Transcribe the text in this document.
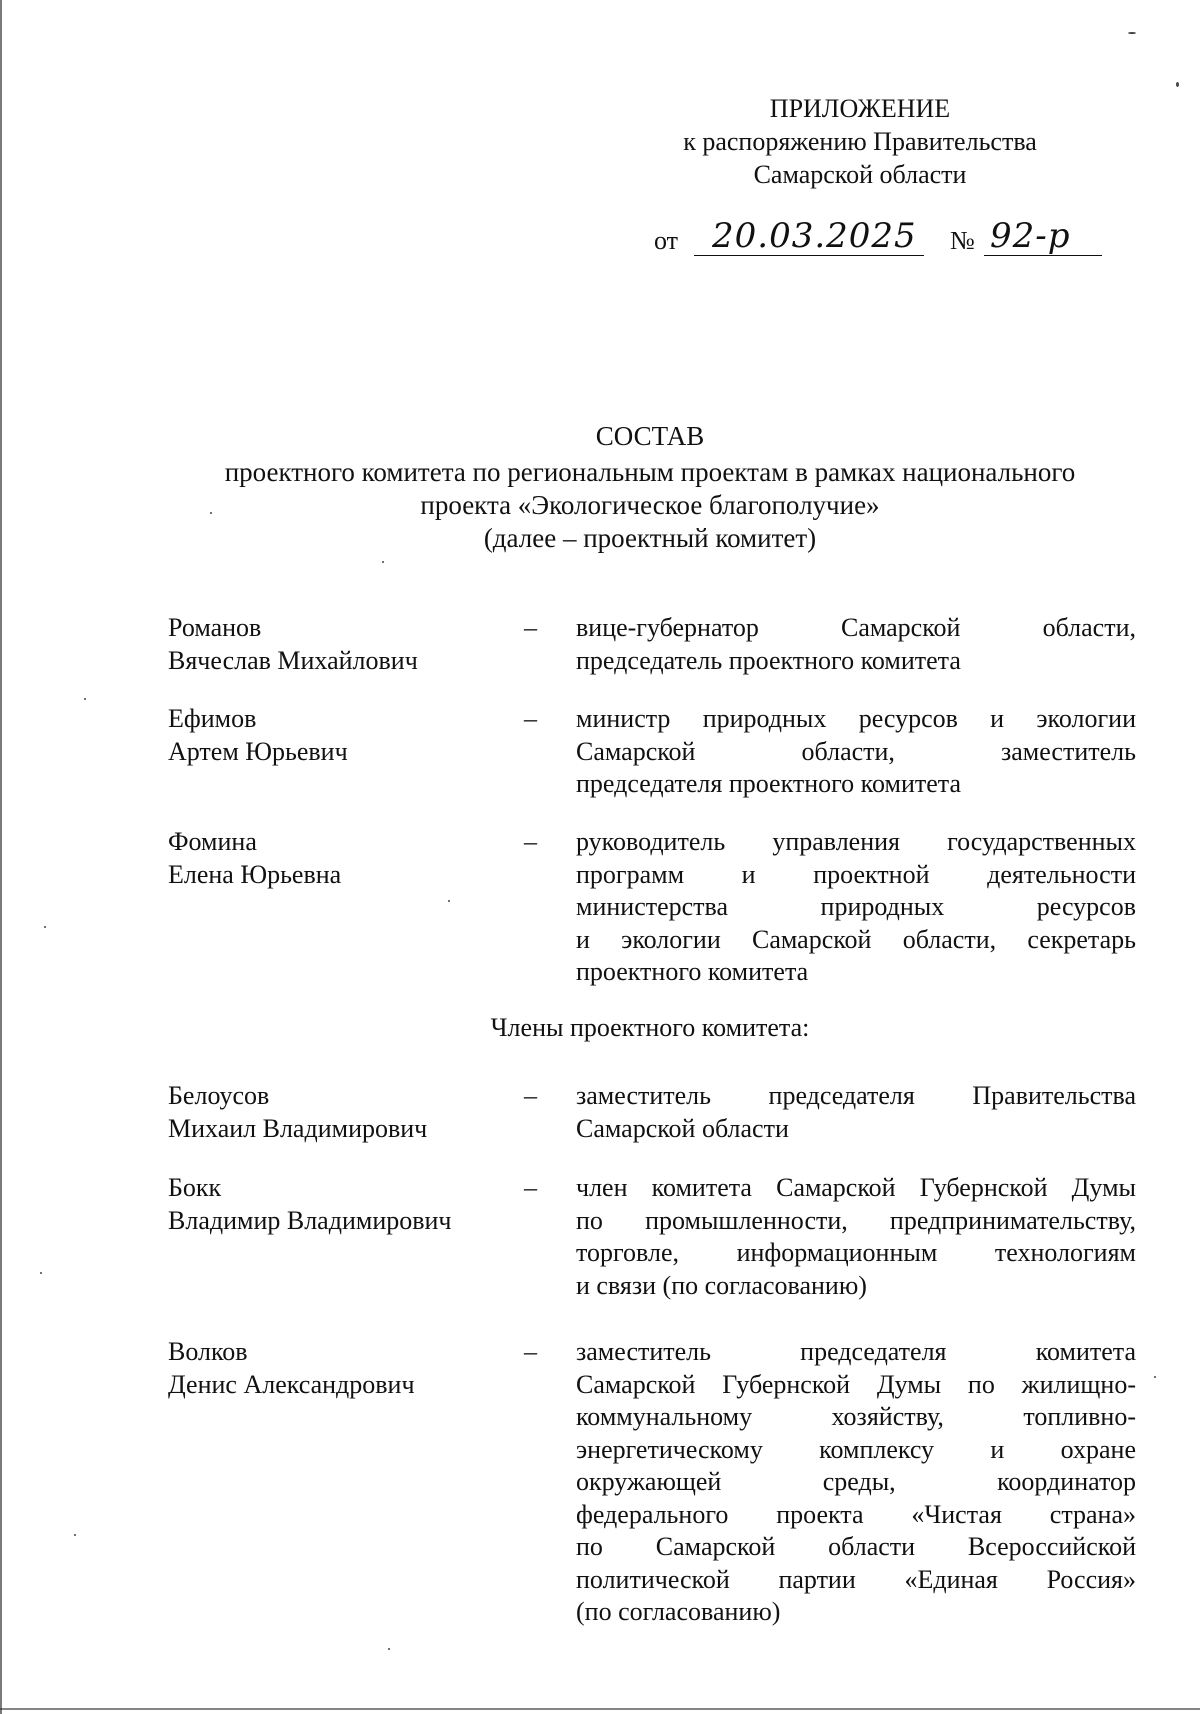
ПРИЛОЖЕНИЕ
к распоряжению Правительства
Самарской области
от 20.03.2025 № 92-р
СОСТАВ
проектного комитета по региональным проектам в рамках национального
проекта «Экологическое благополучие»
(далее – проектный комитет)
Романов
Вячеслав Михайлович
– вице-губернатор Самарской области,
председатель проектного комитета
Ефимов
Артем Юрьевич
– министр природных ресурсов и экологии
Самарской области, заместитель
председателя проектного комитета
Фомина
Елена Юрьевна
– руководитель управления государственных
программ и проектной деятельности
министерства природных ресурсов
и экологии Самарской области, секретарь
проектного комитета
Члены проектного комитета:
Белоусов
Михаил Владимирович
– заместитель председателя Правительства
Самарской области
Бокк
Владимир Владимирович
– член комитета Самарской Губернской Думы
по промышленности, предпринимательству,
торговле, информационным технологиям
и связи (по согласованию)
Волков
Денис Александрович
– заместитель председателя комитета
Самарской Губернской Думы по жилищно-
коммунальному хозяйству, топливно-
энергетическому комплексу и охране
окружающей среды, координатор
федерального проекта «Чистая страна»
по Самарской области Всероссийской
политической партии «Единая Россия»
(по согласованию)
